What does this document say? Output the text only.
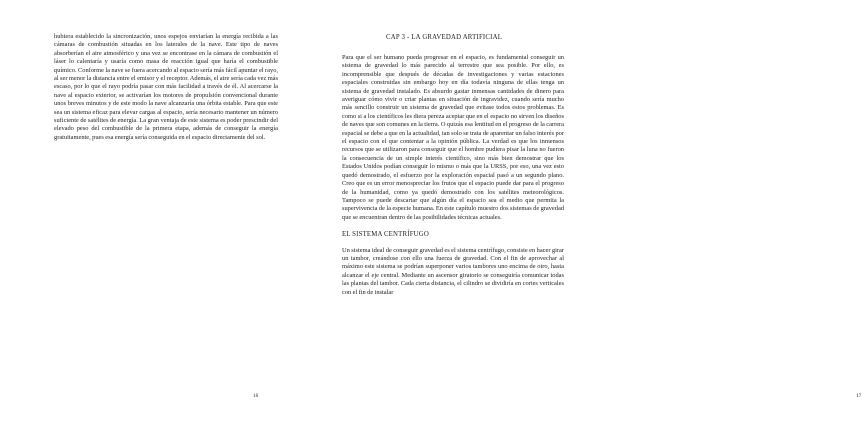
hubiera establecido la sincronización, unos espejos enviarían la energía recibida a las cámaras de combustión situadas en los laterales de la nave. Este tipo de naves absorberían el aire atmosférico y una vez se encontrase en la cámara de combustión el láser lo calentaría y usaría como masa de reacción igual que haría el combustible químico. Conforme la nave se fuera acercando al espacio sería más fácil apuntar el rayo, al ser menor la distancia entre el emisor y el receptor. Además, el aire sería cada vez más escaso, por lo que el rayo podría pasar con más facilidad a través de él. Al acercarse la nave al espacio exterior, se activarían los motores de propulsión convencional durante unos breves minutos y de este modo la nave alcanzaría una órbita estable. Para que este sea un sistema eficaz para elevar cargas al espacio, sería necesario mantener un número suficiente de satélites de energía. La gran ventaja de este sistema es poder prescindir del elevado peso del combustible de la primera etapa, además de conseguir la energía gratuitamente, pues esa energía sería conseguida en el espacio directamente del sol.

16

Para que el ser humano pueda progresar en el espacio, es fundamental conseguir un sistema de gravedad lo más parecido al terrestre que sea posible. Por ello, es incomprensible que después de décadas de investigaciones y varias estaciones espaciales construidas sin embargo hoy en día todavía ninguna de ellas tenga un sistema de gravedad instalado. Es absurdo gastar inmensas cantidades de dinero para averiguar cómo vivir o criar plantas en situación de ingravidez, cuando sería mucho más sencillo construir un sistema de gravedad que evitase todos estos problemas. Es como si a los científicos les diera pereza aceptar que en el espacio no sirven los diseños de naves que son comunes en la tierra. O quizás esa lentitud en el progreso de la carrera espacial se debe a que en la actualidad, tan solo se trata de aparentar un falso interés por el espacio con el que contentar a la opinión pública. La verdad es que los inmensos recursos que se utilizaron para conseguir que el hombre pudiera pisar la luna no fueron la consecuencia de un simple interés científico, sino más bien demostrar que los Estados Unidos podían conseguir lo mismo o más que la URSS, por eso, una vez esto quedó demostrado, el esfuerzo por la exploración espacial pasó a un segundo plano. Creo que es un error menospreciar los frutos que el espacio puede dar para el progreso de la humanidad, como ya quedó demostrado con los satélites meteorológicos. Tampoco se puede descartar que algún día el espacio sea el medio que permita la supervivencia de la especie humana. En este capítulo muestro dos sistemas de gravedad que se encuentran dentro de las posibilidades técnicas actuales.

EL SISTEMA CENTRÍFUGO

Un sistema ideal de conseguir gravedad es el sistema centrífugo, consiste en hacer girar un tambor, creándose con ello una fuerza de gravedad. Con el fin de aprovechar al máximo este sistema se podrían superponer varios tambores uno encima de otro, hasta alcanzar el eje central. Mediante un ascensor giratorio se conseguiría comunicar todas las plantas del tambor. Cada cierta distancia, el cilindro se dividiría en cortes verticales con el fin de instalar

17
CAP 3 - LA GRAVEDAD ARTIFICIAL
